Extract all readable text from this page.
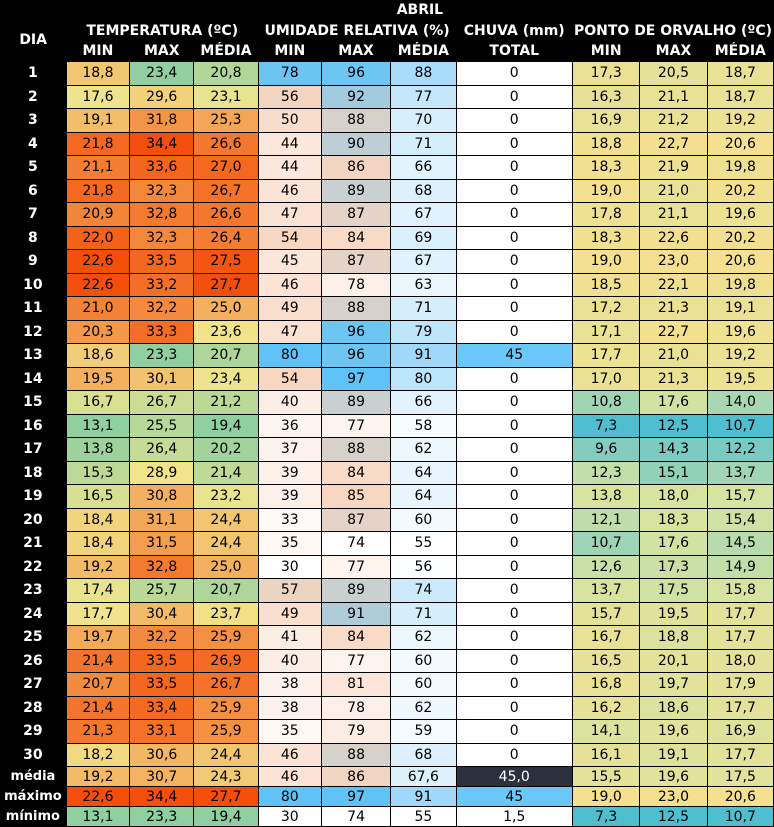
	ABRIL									
DIA	TEMPERATURA (ºC)			UMIDADE RELATIVA (%)			CHUVA (mm)	PONTO DE ORVALHO (ºC)		
	MIN	MAX	MÉDIA	MIN	MAX	MÉDIA	TOTAL	MIN	MAX	MÉDIA
1	18,8	23,4	20,8	78	96	88	0	17,3	20,5	18,7
2	17,6	29,6	23,1	56	92	77	0	16,3	21,1	18,7
3	19,1	31,8	25,3	50	88	70	0	16,9	21,2	19,2
4	21,8	34,4	26,6	44	90	71	0	18,8	22,7	20,6
5	21,1	33,6	27,0	44	86	66	0	18,3	21,9	19,8
6	21,8	32,3	26,7	46	89	68	0	19,0	21,0	20,2
7	20,9	32,8	26,6	47	87	67	0	17,8	21,1	19,6
8	22,0	32,3	26,4	54	84	69	0	18,3	22,6	20,2
9	22,6	33,5	27,5	45	87	67	0	19,0	23,0	20,6
10	22,6	33,2	27,7	46	78	63	0	18,5	22,1	19,8
11	21,0	32,2	25,0	49	88	71	0	17,2	21,3	19,1
12	20,3	33,3	23,6	47	96	79	0	17,1	22,7	19,6
13	18,6	23,3	20,7	80	96	91	45	17,7	21,0	19,2
14	19,5	30,1	23,4	54	97	80	0	17,0	21,3	19,5
15	16,7	26,7	21,2	40	89	66	0	10,8	17,6	14,0
16	13,1	25,5	19,4	36	77	58	0	7,3	12,5	10,7
17	13,8	26,4	20,2	37	88	62	0	9,6	14,3	12,2
18	15,3	28,9	21,4	39	84	64	0	12,3	15,1	13,7
19	16,5	30,8	23,2	39	85	64	0	13,8	18,0	15,7
20	18,4	31,1	24,4	33	87	60	0	12,1	18,3	15,4
21	18,4	31,5	24,4	35	74	55	0	10,7	17,6	14,5
22	19,2	32,8	25,0	30	77	56	0	12,6	17,3	14,9
23	17,4	25,7	20,7	57	89	74	0	13,7	17,5	15,8
24	17,7	30,4	23,7	49	91	71	0	15,7	19,5	17,7
25	19,7	32,2	25,9	41	84	62	0	16,7	18,8	17,7
26	21,4	33,5	26,9	40	77	60	0	16,5	20,1	18,0
27	20,7	33,5	26,7	38	81	60	0	16,8	19,7	17,9
28	21,4	33,4	25,9	38	78	62	0	16,2	18,6	17,7
29	21,3	33,1	25,9	35	79	59	0	14,1	19,6	16,9
30	18,2	30,6	24,4	46	88	68	0	16,1	19,1	17,7
média	19,2	30,7	24,3	46	86	67,6	45,0	15,5	19,6	17,5
máximo	22,6	34,4	27,7	80	97	91	45	19,0	23,0	20,6
mínimo	13,1	23,3	19,4	30	74	55	1,5	7,3	12,5	10,7
